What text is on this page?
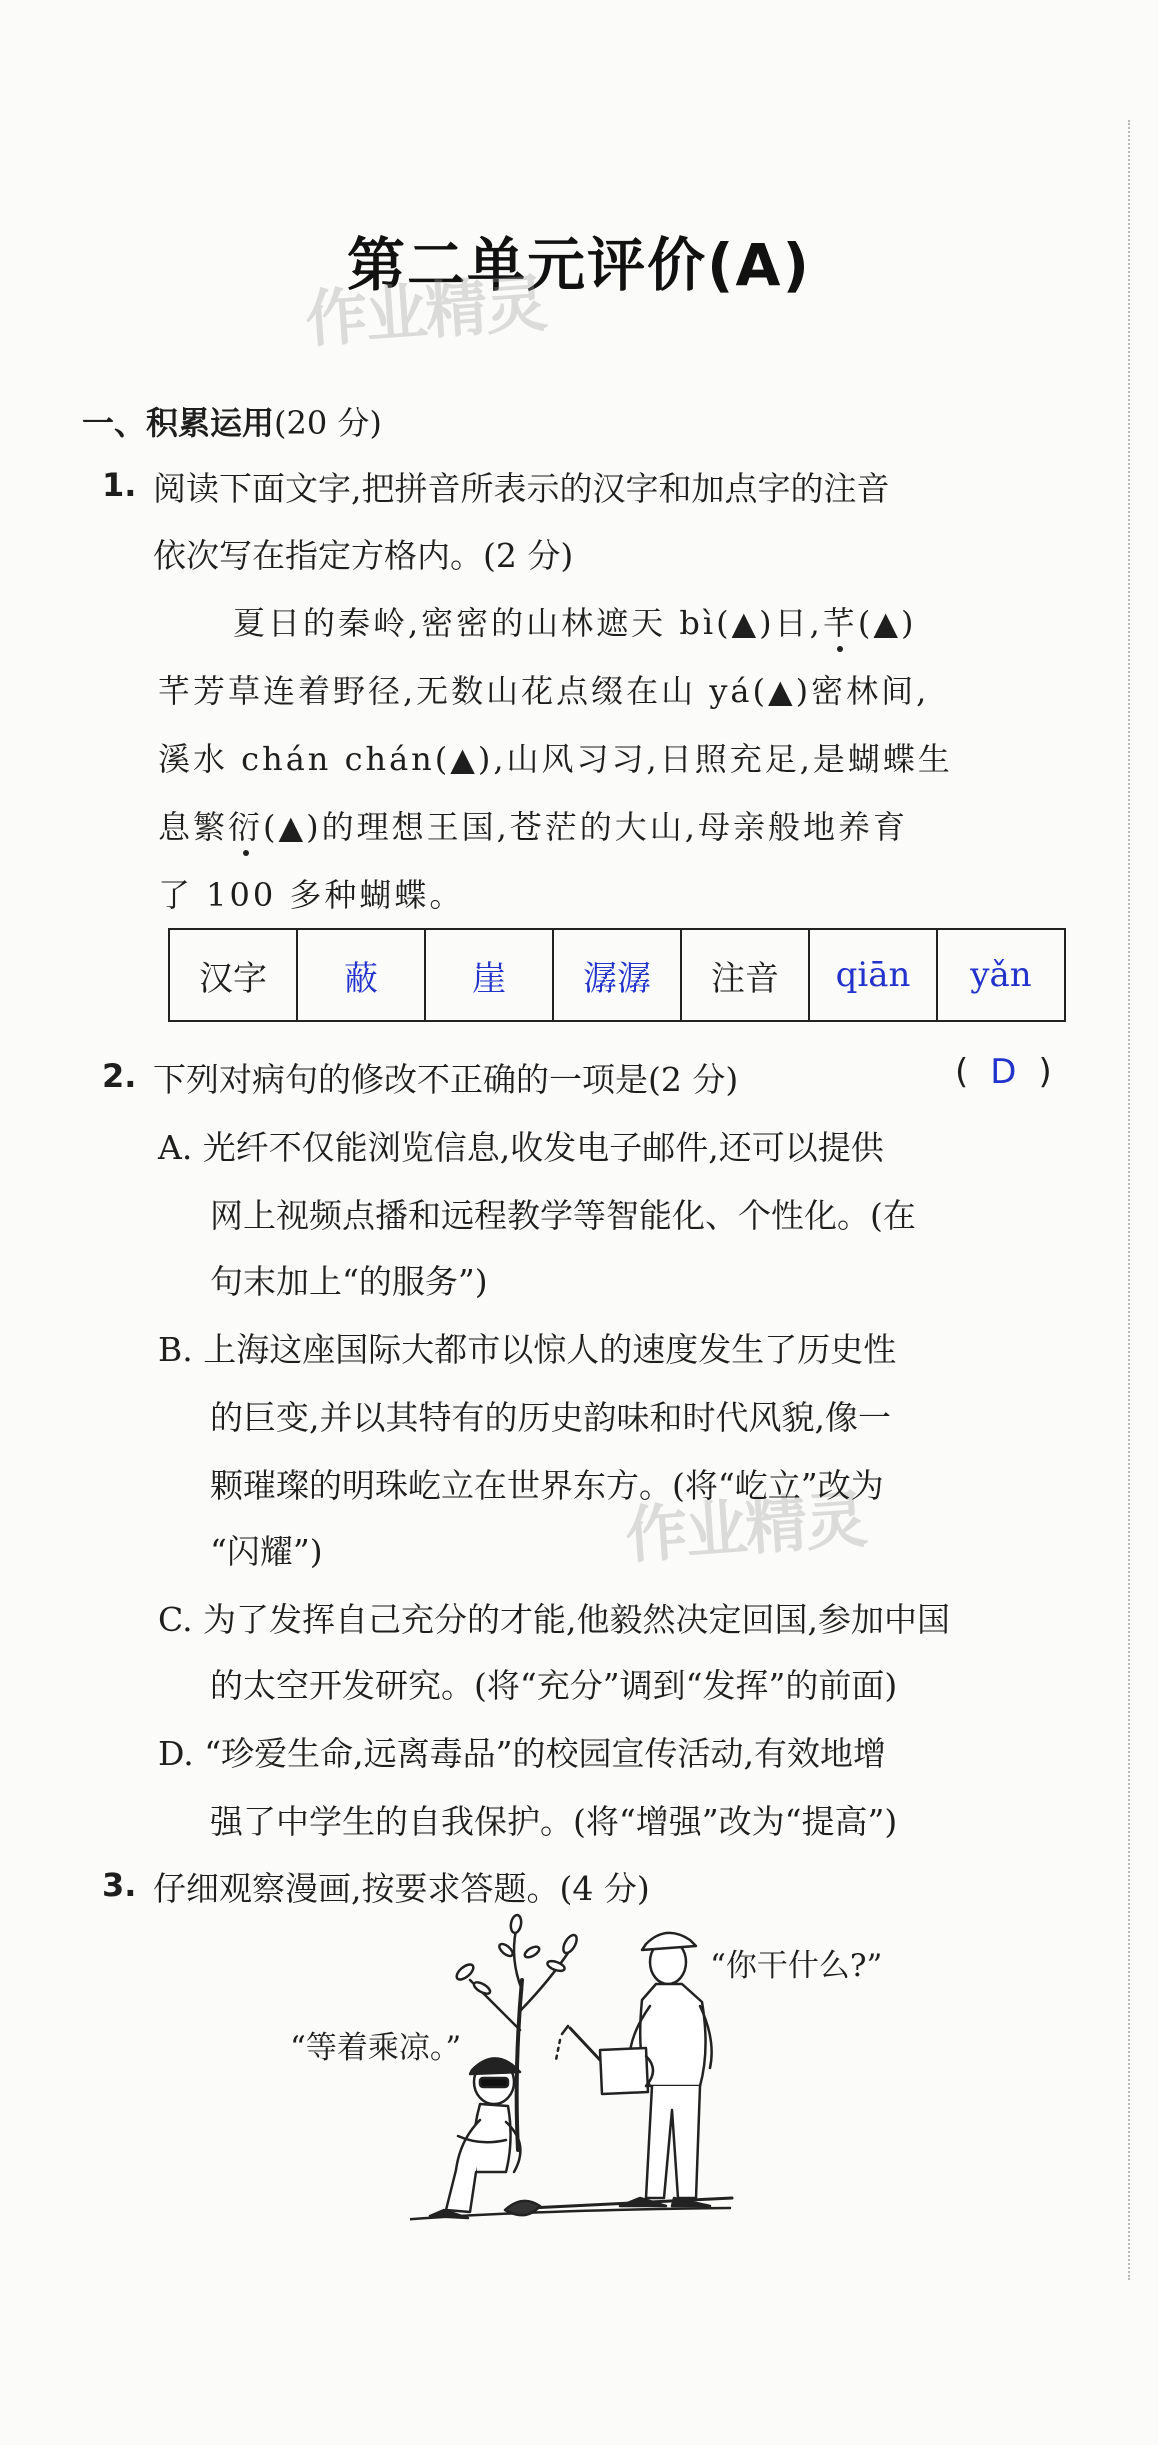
第二单元评价(A)
作业精灵
作业精灵
一、积累运用(20 分)
1. 阅读下面文字,把拼音所表示的汉字和加点字的注音
依次写在指定方格内。(2 分)
夏日的秦岭,密密的山林遮天 bì(▲)日,芊(▲)
芊芳草连着野径,无数山花点缀在山 yá(▲)密林间,
溪水 chán chán(▲),山风习习,日照充足,是蝴蝶生
息繁衍(▲)的理想王国,苍茫的大山,母亲般地养育
了 100 多种蝴蝶。
汉字	蔽	崖	潺潺	注音	qiān	yǎn
2. 下列对病句的修改不正确的一项是(2 分)	( D )
A. 光纤不仅能浏览信息,收发电子邮件,还可以提供
网上视频点播和远程教学等智能化、个性化。(在
句末加上“的服务”)
B. 上海这座国际大都市以惊人的速度发生了历史性
的巨变,并以其特有的历史韵味和时代风貌,像一
颗璀璨的明珠屹立在世界东方。(将“屹立”改为
“闪耀”)
C. 为了发挥自己充分的才能,他毅然决定回国,参加中国
的太空开发研究。(将“充分”调到“发挥”的前面)
D. “珍爱生命,远离毒品”的校园宣传活动,有效地增
强了中学生的自我保护。(将“增强”改为“提高”)
3. 仔细观察漫画,按要求答题。(4 分)
“你干什么?”
“等着乘凉。”
